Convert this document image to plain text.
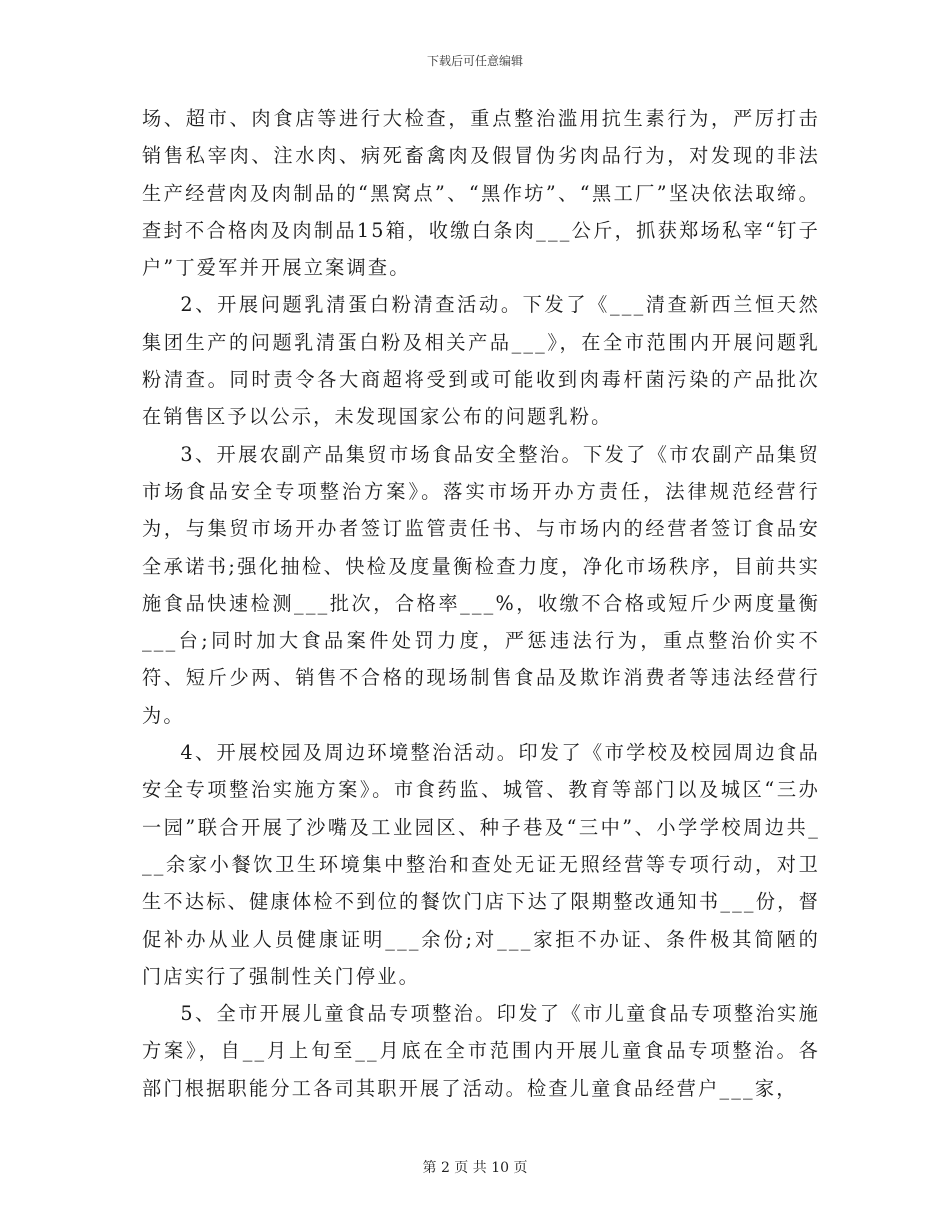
下载后可任意编辑

场、超市、肉食店等进行大检查，重点整治滥用抗生素行为，严厉打击销售私宰肉、注水肉、病死畜禽肉及假冒伪劣肉品行为，对发现的非法生产经营肉及肉制品的“黑窝点”、“黑作坊”、“黑工厂”坚决依法取缔。查封不合格肉及肉制品15箱，收缴白条肉___公斤，抓获郑场私宰“钉子户”丁爱军并开展立案调查。

2、开展问题乳清蛋白粉清查活动。下发了《___清查新西兰恒天然集团生产的问题乳清蛋白粉及相关产品___》，在全市范围内开展问题乳粉清查。同时责令各大商超将受到或可能收到肉毒杆菌污染的产品批次在销售区予以公示，未发现国家公布的问题乳粉。

3、开展农副产品集贸市场食品安全整治。下发了《市农副产品集贸市场食品安全专项整治方案》。落实市场开办方责任，法律规范经营行为，与集贸市场开办者签订监管责任书、与市场内的经营者签订食品安全承诺书;强化抽检、快检及度量衡检查力度，净化市场秩序，目前共实施食品快速检测___批次，合格率___%，收缴不合格或短斤少两度量衡___台;同时加大食品案件处罚力度，严惩违法行为，重点整治价实不符、短斤少两、销售不合格的现场制售食品及欺诈消费者等违法经营行为。

4、开展校园及周边环境整治活动。印发了《市学校及校园周边食品安全专项整治实施方案》。市食药监、城管、教育等部门以及城区“三办一园”联合开展了沙嘴及工业园区、种子巷及“三中”、小学学校周边共___余家小餐饮卫生环境集中整治和查处无证无照经营等专项行动，对卫生不达标、健康体检不到位的餐饮门店下达了限期整改通知书___份，督促补办从业人员健康证明___余份;对___家拒不办证、条件极其简陋的门店实行了强制性关门停业。

5、全市开展儿童食品专项整治。印发了《市儿童食品专项整治实施方案》，自__月上旬至__月底在全市范围内开展儿童食品专项整治。各部门根据职能分工各司其职开展了活动。检查儿童食品经营户___家，

第 2 页 共 10 页
